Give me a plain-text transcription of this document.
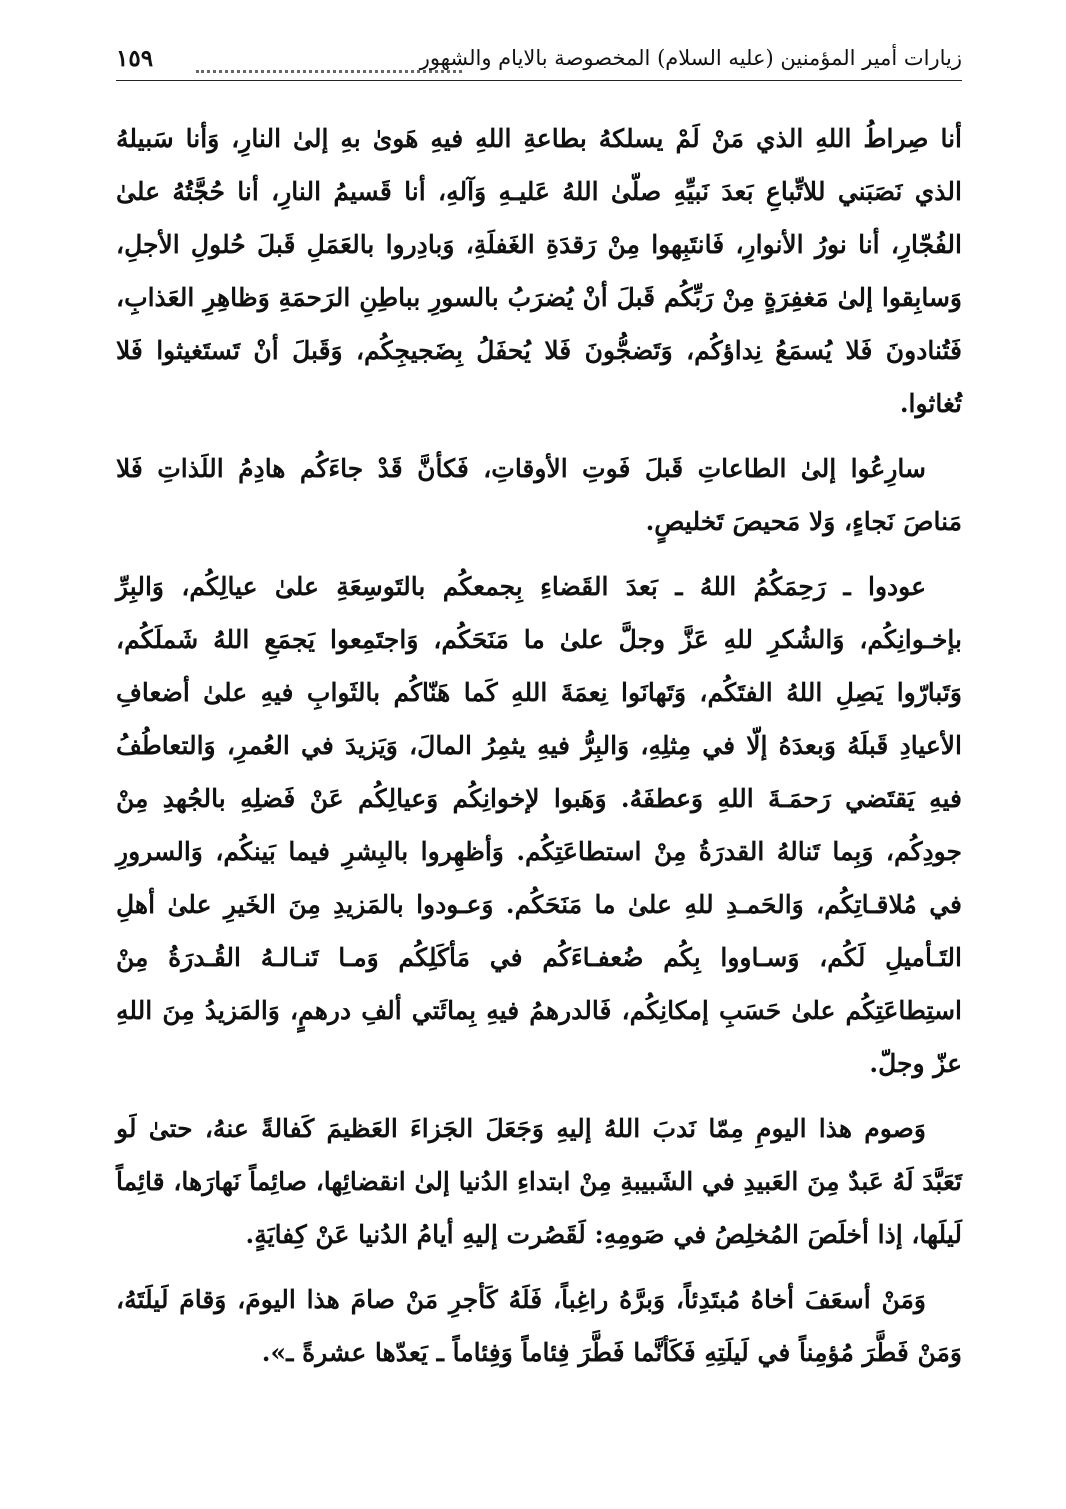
زيارات أمير المؤمنين (عليه السلام) المخصوصة بالايام والشهور
١٥٩

أنا صِراطُ اللهِ الذي مَنْ لَمْ يسلكهُ بطاعةِ اللهِ فيهِ هَوىٰ بهِ إلىٰ النارِ، وَأنا سَبيلهُ الذي نَصَبَني للاتِّباعِ بَعدَ نَبيِّهِ صلّىٰ اللهُ عَليـهِ وَآلهِ، أنا قَسيمُ النارِ، أنا حُجَّتُهُ علىٰ الفُجّارِ، أنا نورُ الأنوارِ، فَانتَبِهوا مِنْ رَقدَةِ الغَفلَةِ، وَبادِروا بالعَمَلِ قَبلَ حُلولِ الأجلِ، وَسابِقوا إلىٰ مَغفِرَةٍ مِنْ رَبِّكُم قَبلَ أنْ يُضرَبُ بالسورِ بباطِنِ الرَحمَةِ وَظاهِرِ العَذابِ، فَتُنادونَ فَلا يُسمَعُ نِداؤكُم، وَتَضجُّونَ فَلا يُحفَلُ بِضَجيجِكُم، وَقَبلَ أنْ تَستَغيثوا فَلا تُغاثوا.

سارِعُوا إلىٰ الطاعاتِ قَبلَ فَوتِ الأوقاتِ، فَكأنَّ قَدْ جاءَكُم هادِمُ اللَذاتِ فَلا مَناصَ نَجاءٍ، وَلا مَحيصَ تَخليصٍ.

عودوا ـ رَحِمَكُمُ اللهُ ـ بَعدَ القَضاءِ بِجمعكُم بالتَوسِعَةِ علىٰ عيالِكُم، وَالبِرِّ بإخـوانِكُم، وَالشُكرِ للهِ عَزَّ وجلَّ علىٰ ما مَنَحَكُم، وَاجتَمِعوا يَجمَعِ اللهُ شَملَكُم، وَتَبارّوا يَصِلِ اللهُ الفتَكُم، وَتَهانَوا نِعمَةَ اللهِ كَما هَنّاكُم بالثَوابِ فيهِ علىٰ أضعافِ الأعيادِ قَبلَهُ وَبعدَهُ إلّا في مِثلِهِ، وَالبِرُّ فيهِ يثمِرُ المالَ، وَيَزيدَ في العُمرِ، وَالتعاطُفُ فيهِ يَقتَضي رَحمَـةَ اللهِ وَعطفَهُ. وَهَبوا لإخوانِكُم وَعيالِكُم عَنْ فَضلِهِ بالجُهدِ مِنْ جودِكُم، وَبِما تَنالهُ القدرَةُ مِنْ استطاعَتِكُم. وَأظهِروا بالبِشرِ فيما بَينكُم، وَالسرورِ في مُلاقـاتِكُم، وَالحَمـدِ للهِ علىٰ ما مَنَحَكُم. وَعـودوا بالمَزيدِ مِنَ الخَيرِ علىٰ أهلِ التَـأميلِ لَكُم، وَسـاووا بِكُم ضُعفـاءَكُم في مَأكَلِكُم وَمـا تَنـالـهُ القُـدرَةُ مِنْ استِطاعَتِكُم علىٰ حَسَبِ إمكانِكُم، فَالدرهمُ فيهِ بِمائَتي ألفِ درهمٍ، وَالمَزيدُ مِنَ اللهِ عزّ وجلّ.

وَصوم هذا اليومِ مِمّا نَدبَ اللهُ إليهِ وَجَعَلَ الجَزاءَ العَظيمَ كَفالةً عنهُ، حتىٰ لَو تَعَبَّدَ لَهُ عَبدٌ مِنَ العَبيدِ في الشَبيبةِ مِنْ ابتداءِ الدُنيا إلىٰ انقضائِها، صائِماً نَهارَها، قائِماً لَيلَها، إذا أخلَصَ المُخلِصُ في صَومِهِ: لَقَصُرت إليهِ أيامُ الدُنيا عَنْ كِفايَةٍ.

وَمَنْ أسعَفَ أخاهُ مُبتَدِئاً، وَبرَّهُ راغِباً، فَلَهُ كَأجرِ مَنْ صامَ هذا اليومَ، وَقامَ لَيلَتَهُ، وَمَنْ فَطَّرَ مُؤمِناً في لَيلَتِهِ فَكَأنَّما فَطَّرَ فِئاماً وَفِئاماً ـ يَعدّها عشرةً ـ».
